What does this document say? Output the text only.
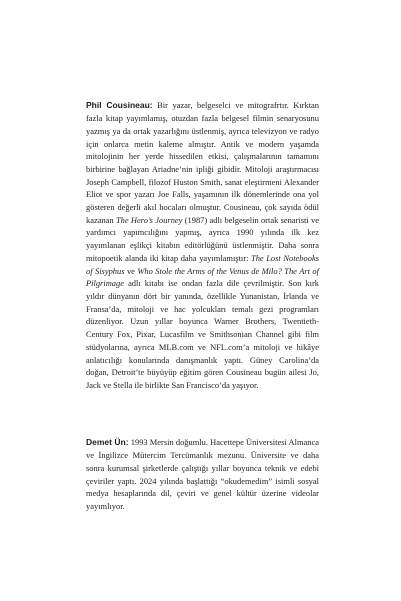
Phil Cousineau: Bir yazar, belgeselci ve mitografrtır. Kırktan fazla kitap yayımlamış, otuzdan fazla belgesel filmin senaryosunu yazmış ya da ortak yazarlığını üstlenmiş, ayrıca televizyon ve radyo için onlarca metin kaleme almıştır. Antik ve modern yaşamda mitolojinin her yerde hissedilen etkisi, çalışmalarının tamamını birbirine bağlayan Ariadne’nin ipliği gibidir. Mitoloji araştırmacısı Joseph Campbell, filozof Huston Smith, sanat eleştirmeni Alexander Eliot ve spor yazarı Joe Falls, yaşamının ilk dönemlerinde ona yol gösteren değerli akıl hocaları olmuştur. Cousineau, çok sayıda ödül kazanan The Hero’s Journey (1987) adlı belgeselin ortak senaristi ve yardımcı yapımcılığını yapmış, ayrıca 1990 yılında ilk kez yayımlanan eşlikçi kitabın editörlüğünü üstlenmiştir. Daha sonra mitopoetik alanda iki kitap daha yayımlamıştır: The Lost Notebooks of Sisyphus ve Who Stole the Arms of the Venus de Milo? The Art of Pilgrimage adlı kitabı ise ondan fazla dile çevrilmiştir. Son kırk yıldır dünyanın dört bir yanında, özellikle Yunanistan, İrlanda ve Fransa’da, mitoloji ve hac yolcukları temalı gezi programları düzenliyor. Uzun yıllar boyunca Warner Brothers, Twentieth-Century Fox, Pixar, Lucasfilm ve Smithsonian Channel gibi film stüdyolarına, ayrıca MLB.com ve NFL.com’a mitoloji ve hikâye anlatıcılığı konularında danışmanlık yaptı. Güney Carolina’da doğan, Detroit’te büyüyüp eğitim gören Cousineau bugün ailesi Jo, Jack ve Stella ile birlikte San Francisco’da yaşıyor.

Demet Ün: 1993 Mersin doğumlu. Hacettepe Üniversitesi Almanca ve İngilizce Mütercim Tercümanlık mezunu. Üniversite ve daha sonra kurumsal şirketlerde çalıştığı yıllar boyunca teknik ve edebi çeviriler yaptı. 2024 yılında başlattığı “okudemedim” isimli sosyal medya hesaplarında dil, çeviri ve genel kültür üzerine videolar yayımlıyor.
